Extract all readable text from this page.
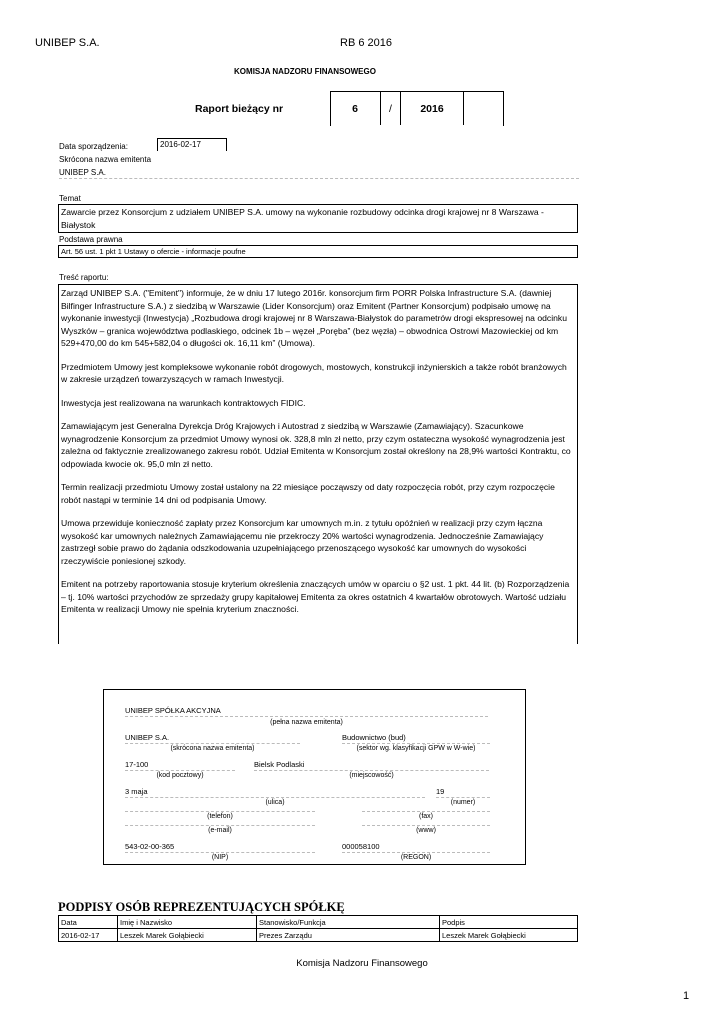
UNIBEP S.A.	RB 6 2016
KOMISJA NADZORU FINANSOWEGO
Raport bieżący nr	6	/	2016
Data sporządzenia:	2016-02-17
Skrócona nazwa emitenta
UNIBEP S.A.
Temat
Zawarcie przez Konsorcjum z udziałem UNIBEP S.A. umowy na wykonanie rozbudowy odcinka drogi krajowej nr 8 Warszawa - Białystok
Podstawa prawna
Art. 56 ust. 1 pkt 1 Ustawy o ofercie - informacje poufne
Treść raportu:

Zarząd UNIBEP S.A. ("Emitent") informuje, że w dniu 17 lutego 2016r. konsorcjum firm PORR Polska Infrastructure S.A. (dawniej Bilfinger Infrastructure S.A.) z siedzibą w Warszawie (Lider Konsorcjum) oraz Emitent (Partner Konsorcjum) podpisało umowę na wykonanie inwestycji (Inwestycja) „Rozbudowa drogi krajowej nr 8 Warszawa-Białystok do parametrów drogi ekspresowej na odcinku Wyszków – granica województwa podlaskiego, odcinek 1b – węzeł „Poręba” (bez węzła) – obwodnica Ostrowi Mazowieckiej od km 529+470,00 do km 545+582,04 o długości ok. 16,11 km” (Umowa).

Przedmiotem Umowy jest kompleksowe wykonanie robót drogowych, mostowych, konstrukcji inżynierskich a także robót branżowych w zakresie urządzeń towarzyszących w ramach Inwestycji.

Inwestycja jest realizowana na warunkach kontraktowych FIDIC.

Zamawiającym jest Generalna Dyrekcja Dróg Krajowych i Autostrad z siedzibą w Warszawie (Zamawiający). Szacunkowe wynagrodzenie Konsorcjum za przedmiot Umowy wynosi ok. 328,8 mln zł netto, przy czym ostateczna wysokość wynagrodzenia jest zależna od faktycznie zrealizowanego zakresu robót. Udział Emitenta w Konsorcjum został określony na 28,9% wartości Kontraktu, co odpowiada kwocie ok. 95,0 mln zł netto.

Termin realizacji przedmiotu Umowy został ustalony na 22 miesiące począwszy od daty rozpoczęcia robót, przy czym rozpoczęcie robót nastąpi w terminie 14 dni od podpisania Umowy.

Umowa przewiduje konieczność zapłaty przez Konsorcjum kar umownych m.in. z tytułu opóźnień w realizacji przy czym łączna wysokość kar umownych należnych Zamawiającemu nie przekroczy 20% wartości wynagrodzenia. Jednocześnie Zamawiający zastrzegł sobie prawo do żądania odszkodowania uzupełniającego przenoszącego wysokość kar umownych do wysokości rzeczywiście poniesionej szkody.

Emitent na potrzeby raportowania stosuje kryterium określenia znaczących umów w oparciu o §2 ust. 1 pkt. 44 lit. (b) Rozporządzenia – tj. 10% wartości przychodów ze sprzedaży grupy kapitałowej Emitenta za okres ostatnich 4 kwartałów obrotowych. Wartość udziału Emitenta w realizacji Umowy nie spełnia kryterium znaczności.

UNIBEP SPÓŁKA AKCYJNA
(pełna nazwa emitenta)
UNIBEP S.A.
(skrócona nazwa emitenta)
Budownictwo (bud)
(sektor wg. klasyfikacji GPW w W-wie)
17-100
(kod pocztowy)
Bielsk Podlaski
(miejscowość)
3 maja
(ulica)
19
(numer)
(telefon)	(fax)
(e-mail)	(www)
543-02-00-365
(NIP)
000058100
(REGON)
PODPISY OSÓB REPREZENTUJĄCYCH SPÓŁKĘ
Data	Imię i Nazwisko	Stanowisko/Funkcja	Podpis
2016-02-17	Leszek Marek Gołąbiecki	Prezes Zarządu	Leszek Marek Gołąbiecki
Komisja Nadzoru Finansowego
1
